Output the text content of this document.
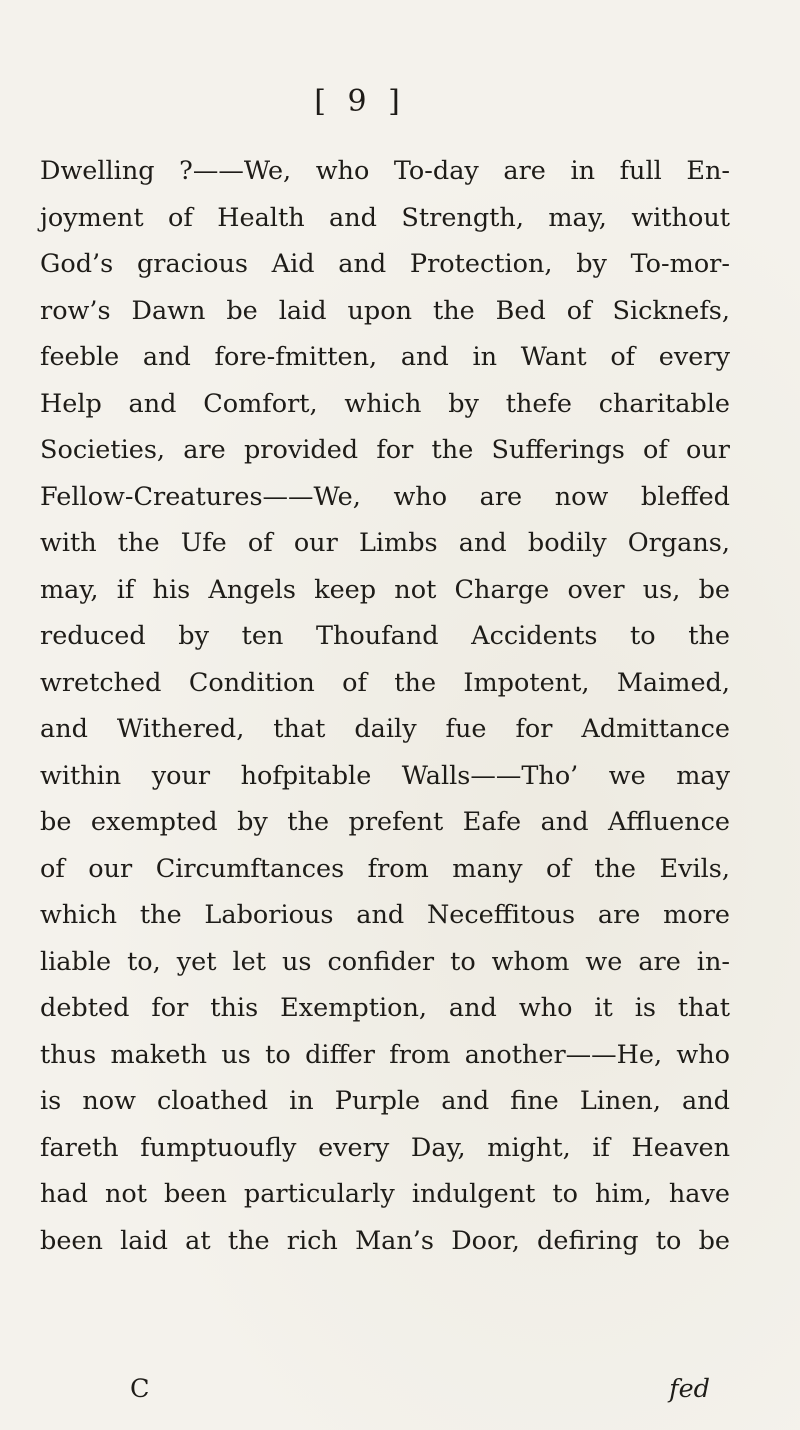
[ 9 ]
Dwelling ?——We, who To-day are in full En-
joyment of Health and Strength, may, without
God’s gracious Aid and Protection, by To-mor-
row’s Dawn be laid upon the Bed of Sicknefs,
feeble and fore-fmitten, and in Want of every
Help and Comfort, which by thefe charitable
Societies, are provided for the Sufferings of our
Fellow-Creatures——We, who are now bleffed
with the Ufe of our Limbs and bodily Organs,
may, if his Angels keep not Charge over us, be
reduced by ten Thoufand Accidents to the
wretched Condition of the Impotent, Maimed,
and Withered, that daily fue for Admittance
within your hofpitable Walls——Tho’ we may
be exempted by the prefent Eafe and Affluence
of our Circumftances from many of the Evils,
which the Laborious and Neceffitous are more
liable to, yet let us confider to whom we are in-
debted for this Exemption, and who it is that
thus maketh us to differ from another——He, who
is now cloathed in Purple and fine Linen, and
fareth fumptuoufly every Day, might, if Heaven
had not been particularly indulgent to him, have
been laid at the rich Man’s Door, defiring to be
C	fed
